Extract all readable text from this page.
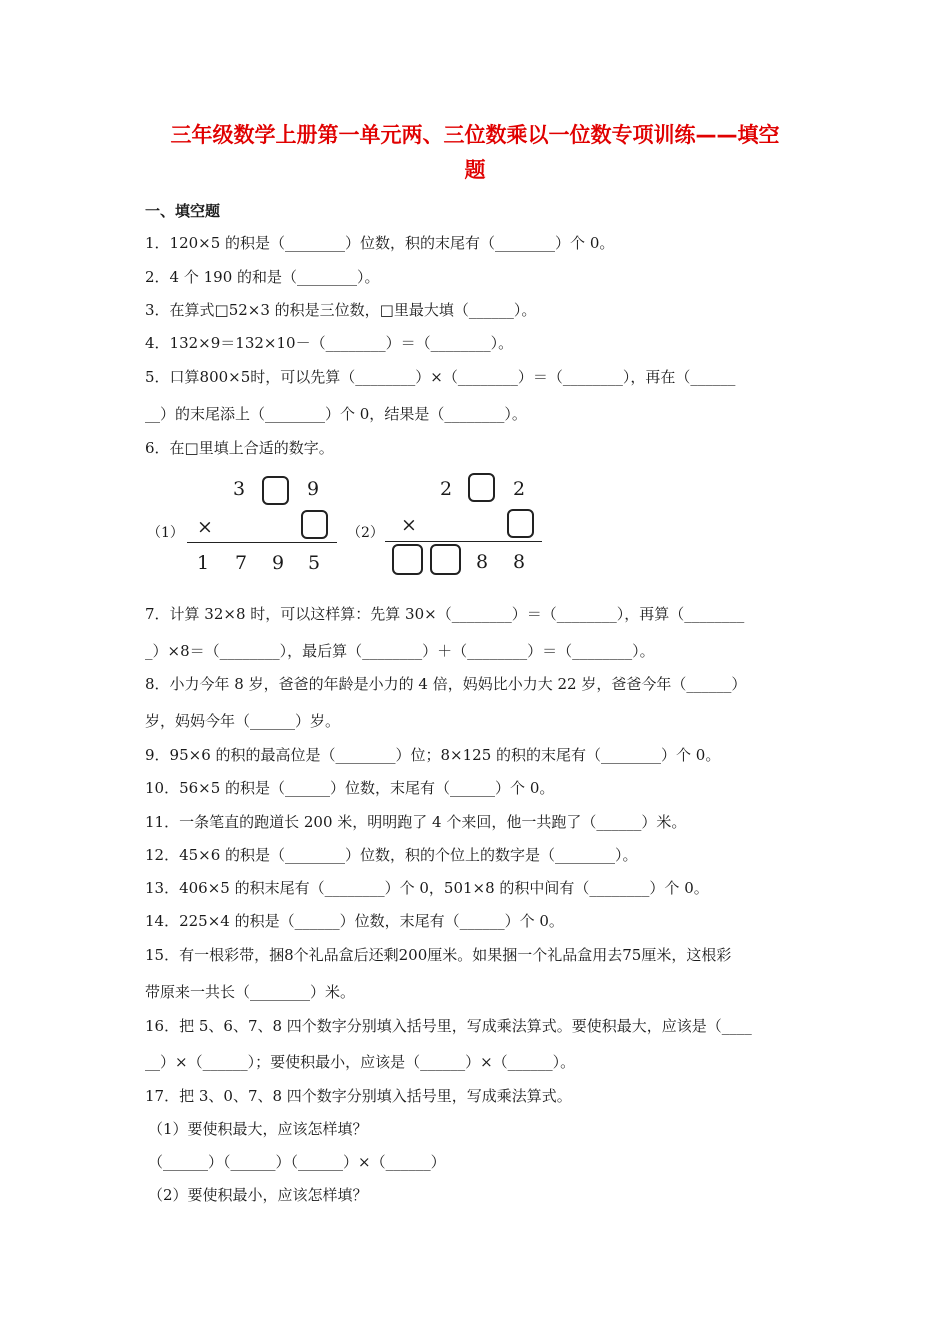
三年级数学上册第一单元两、三位数乘以一位数专项训练——填空
题
一、填空题
1．120×5 的积是（________）位数，积的末尾有（________）个 0。
2．4 个 190 的和是（________）。
3．在算式□52×3 的积是三位数，□里最大填（______）。
4．132×9＝132×10－（________）＝（________）。
5．口算800×5时，可以先算（________）×（________）＝（________），再在（______
__）的末尾添上（________）个 0，结果是（________）。
6．在□里填上合适的数字。
3	9
（1） ×
1 7 9 5
2	2
（2） ×
8 8
7．计算 32×8 时，可以这样算：先算 30×（________）＝（________），再算（________
_）×8＝（________），最后算（________）＋（________）＝（________）。
8．小力今年 8 岁，爸爸的年龄是小力的 4 倍，妈妈比小力大 22 岁，爸爸今年（______）
岁，妈妈今年（______）岁。
9．95×6 的积的最高位是（________）位；8×125 的积的末尾有（________）个 0。
10．56×5 的积是（______）位数，末尾有（______）个 0。
11．一条笔直的跑道长 200 米，明明跑了 4 个来回，他一共跑了（______）米。
12．45×6 的积是（________）位数，积的个位上的数字是（________）。
13．406×5 的积末尾有（________）个 0，501×8 的积中间有（________）个 0。
14．225×4 的积是（______）位数，末尾有（______）个 0。
15．有一根彩带，捆8个礼品盒后还剩200厘米。如果捆一个礼品盒用去75厘米，这根彩
带原来一共长（________）米。
16．把 5、6、7、8 四个数字分别填入括号里，写成乘法算式。要使积最大，应该是（____
__）×（______）；要使积最小，应该是（______）×（______）。
17．把 3、0、7、8 四个数字分别填入括号里，写成乘法算式。
（1）要使积最大，应该怎样填？
（______）（______）（______）×（______）
（2）要使积最小，应该怎样填？
